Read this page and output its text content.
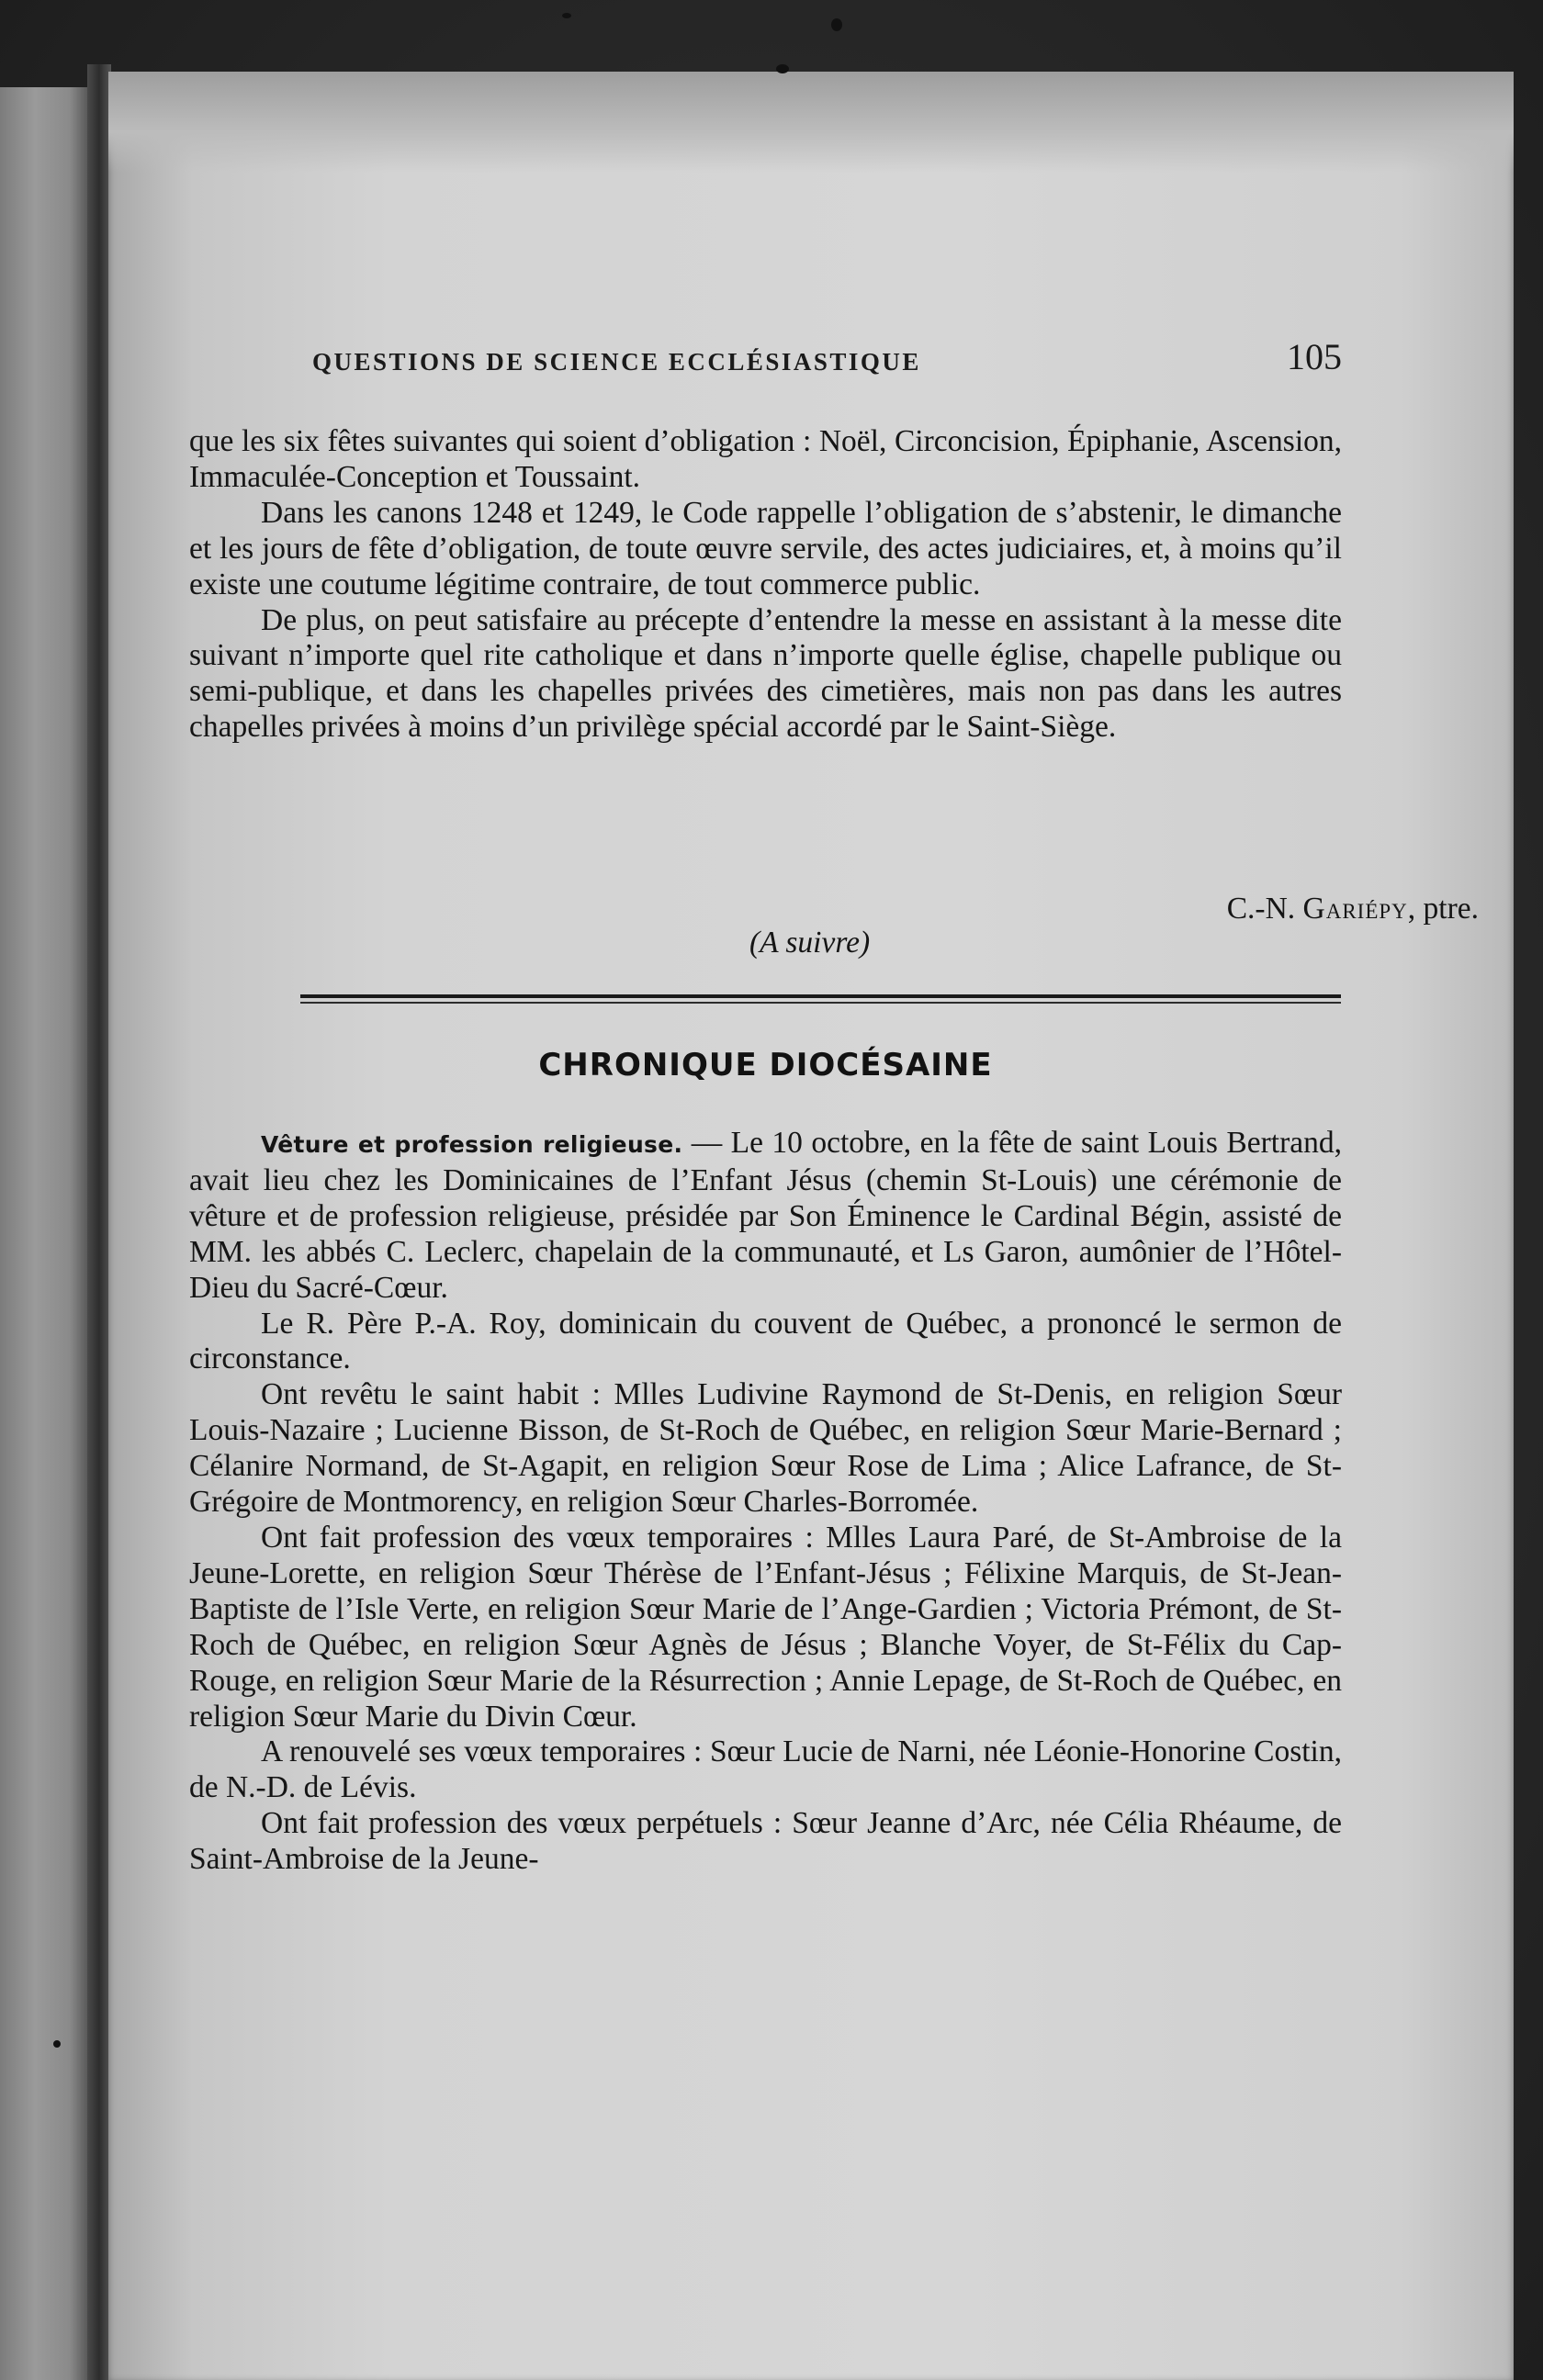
QUESTIONS DE SCIENCE ECCLÉSIASTIQUE	105

que les six fêtes suivantes qui soient d’obligation : Noël, Circoncision, Épiphanie, Ascension, Immaculée-Conception et Toussaint.

Dans les canons 1248 et 1249, le Code rappelle l’obligation de s’abstenir, le dimanche et les jours de fête d’obligation, de toute œuvre servile, des actes judiciaires, et, à moins qu’il existe une coutume légitime contraire, de tout commerce public.

De plus, on peut satisfaire au précepte d’entendre la messe en assistant à la messe dite suivant n’importe quel rite catholique et dans n’importe quelle église, chapelle publique ou semi-publique, et dans les chapelles privées des cimetières, mais non pas dans les autres chapelles privées à moins d’un privilège spécial accordé par le Saint-Siège.

C.-N. Gariépy, ptre.
(A suivre)
CHRONIQUE DIOCÉSAINE

Vêture et profession religieuse. — Le 10 octobre, en la fête de saint Louis Bertrand, avait lieu chez les Dominicaines de l’Enfant Jésus (chemin St-Louis) une cérémonie de vêture et de profession religieuse, présidée par Son Éminence le Cardinal Bégin, assisté de MM. les abbés C. Leclerc, chapelain de la communauté, et Ls Garon, aumônier de l’Hôtel-Dieu du Sacré-Cœur.

Le R. Père P.-A. Roy, dominicain du couvent de Québec, a prononcé le sermon de circonstance.

Ont revêtu le saint habit : Mlles Ludivine Raymond de St-Denis, en religion Sœur Louis-Nazaire ; Lucienne Bisson, de St-Roch de Québec, en religion Sœur Marie-Bernard ; Célanire Normand, de St-Agapit, en religion Sœur Rose de Lima ; Alice Lafrance, de St-Grégoire de Montmorency, en religion Sœur Charles-Borromée.

Ont fait profession des vœux temporaires : Mlles Laura Paré, de St-Ambroise de la Jeune-Lorette, en religion Sœur Thérèse de l’Enfant-Jésus ; Félixine Marquis, de St-Jean-Baptiste de l’Isle Verte, en religion Sœur Marie de l’Ange-Gardien ; Victoria Prémont, de St-Roch de Québec, en religion Sœur Agnès de Jésus ; Blanche Voyer, de St-Félix du Cap-Rouge, en religion Sœur Marie de la Résurrection ; Annie Lepage, de St-Roch de Québec, en religion Sœur Marie du Divin Cœur.

A renouvelé ses vœux temporaires : Sœur Lucie de Narni, née Léonie-Honorine Costin, de N.-D. de Lévis.

Ont fait profession des vœux perpétuels : Sœur Jeanne d’Arc, née Célia Rhéaume, de Saint-Ambroise de la Jeune-
